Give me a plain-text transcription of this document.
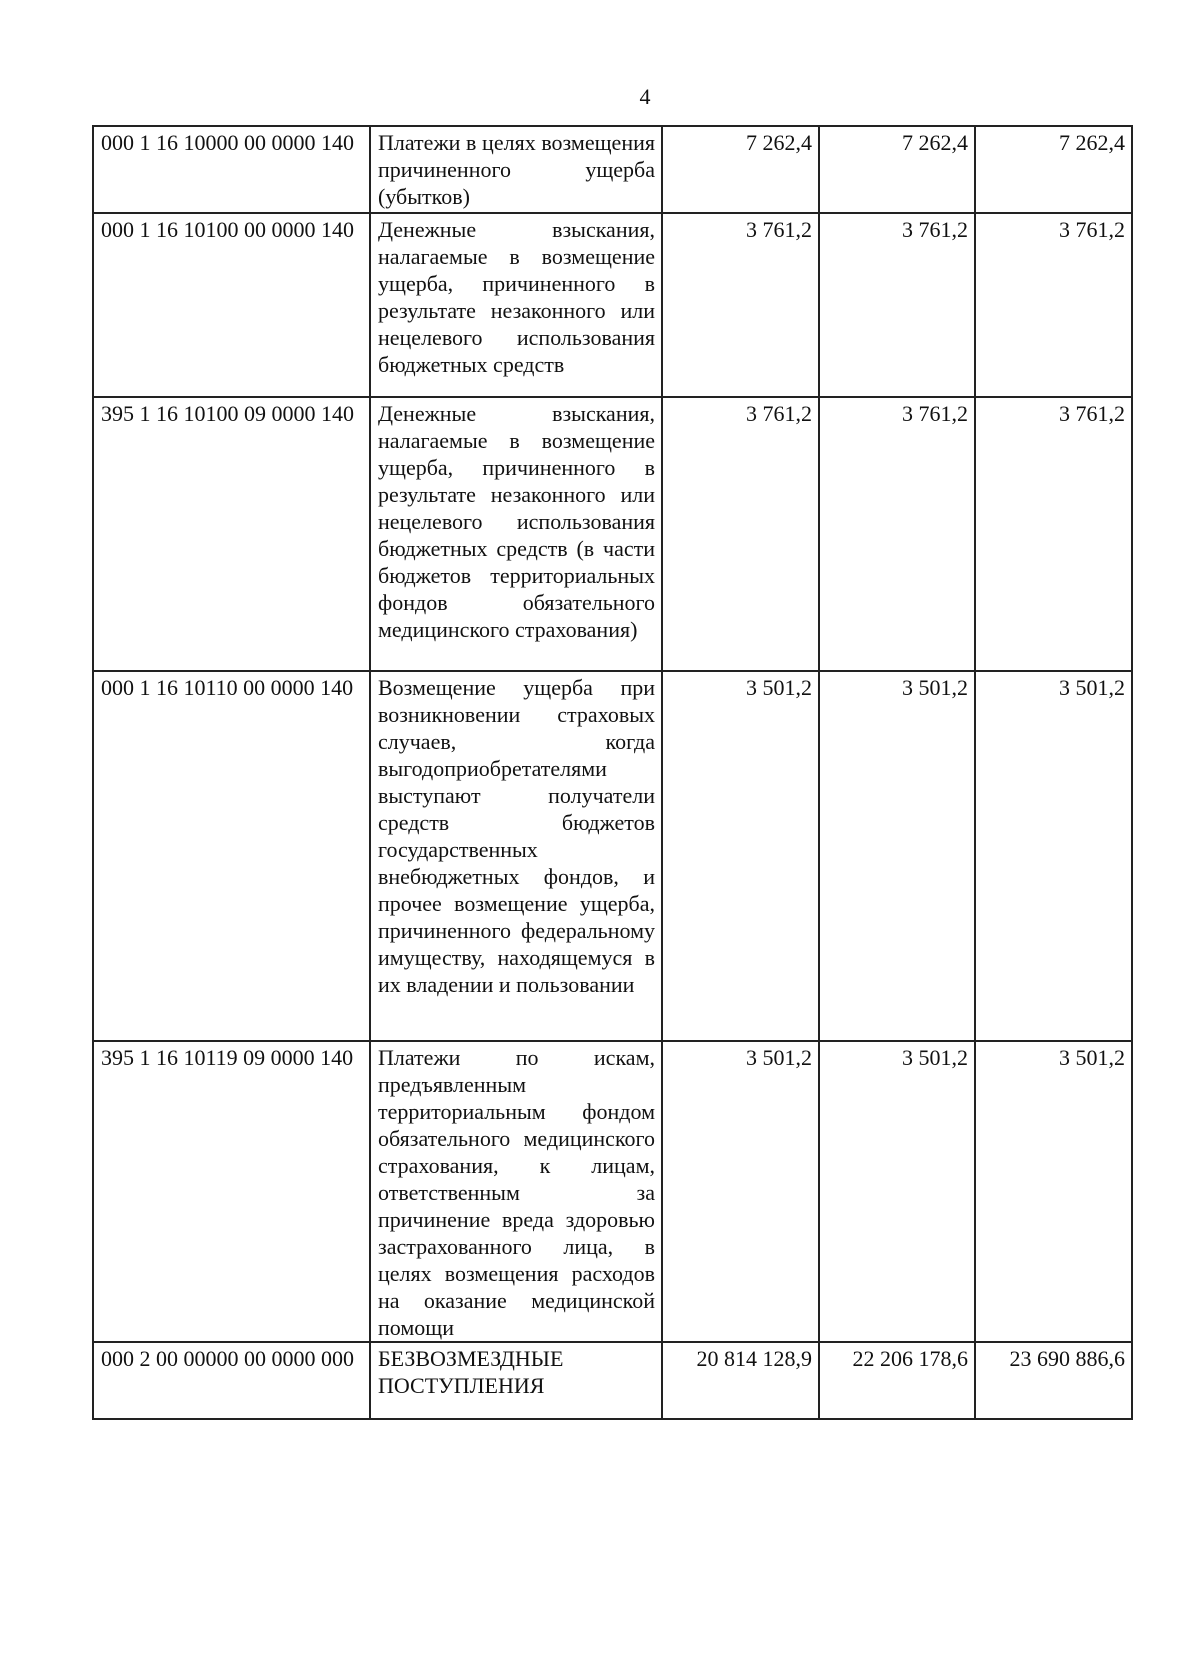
4
000 1 16 10000 00 0000 140	Платежи в целях возмещения причиненного ущерба (убытков)	7 262,4	7 262,4	7 262,4
000 1 16 10100 00 0000 140	Денежные взыскания, налагаемые в возмещение ущерба, причиненного в результате незаконного или нецелевого использования бюджетных средств	3 761,2	3 761,2	3 761,2
395 1 16 10100 09 0000 140	Денежные взыскания, налагаемые в возмещение ущерба, причиненного в результате незаконного или нецелевого использования бюджетных средств (в части бюджетов территориальных фондов обязательного медицинского страхования)	3 761,2	3 761,2	3 761,2
000 1 16 10110 00 0000 140	Возмещение ущерба при возникновении страховых случаев, когда выгодоприобретателями выступают получатели средств бюджетов государственных внебюджетных фондов, и прочее возмещение ущерба, причиненного федеральному имуществу, находящемуся в их владении и пользовании	3 501,2	3 501,2	3 501,2
395 1 16 10119 09 0000 140	Платежи по искам, предъявленным территориальным фондом обязательного медицинского страхования, к лицам, ответственным за причинение вреда здоровью застрахованного лица, в целях возмещения расходов на оказание медицинской помощи	3 501,2	3 501,2	3 501,2
000 2 00 00000 00 0000 000	БЕЗВОЗМЕЗДНЫЕ ПОСТУПЛЕНИЯ	20 814 128,9	22 206 178,6	23 690 886,6
